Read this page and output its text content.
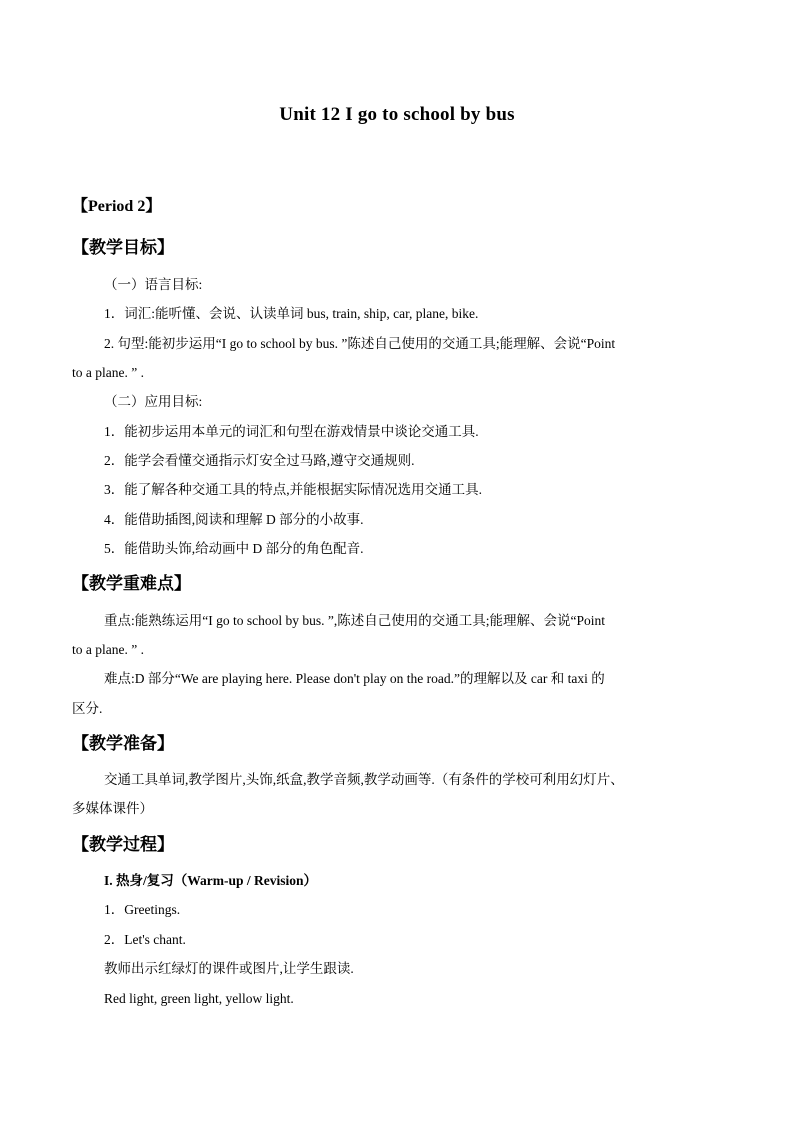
Unit 12 I go to school by bus
【Period 2】
【教学目标】
（一）语言目标:
1．词汇:能听懂、会说、认读单词 bus, train, ship, car, plane, bike.
2. 句型:能初步运用“I go to school by bus. ”陈述自己使用的交通工具;能理解、会说“Point
to a plane. ” .
（二）应用目标:
1．能初步运用本单元的词汇和句型在游戏情景中谈论交通工具.
2．能学会看懂交通指示灯安全过马路,遵守交通规则.
3．能了解各种交通工具的特点,并能根据实际情况选用交通工具.
4．能借助插图,阅读和理解 D 部分的小故事.
5．能借助头饰,给动画中 D 部分的角色配音.
【教学重难点】
重点:能熟练运用“I go to school by bus. ”,陈述自己使用的交通工具;能理解、会说“Point
to a plane. ” .
难点:D 部分“We are playing here. Please don't play on the road.”的理解以及 car 和 taxi 的
区分.
【教学准备】
交通工具单词,教学图片,头饰,纸盒,教学音频,教学动画等.（有条件的学校可利用幻灯片、
多媒体课件）
【教学过程】
I. 热身/复习（Warm-up / Revision）
1．Greetings.
2．Let's chant.
教师出示红绿灯的课件或图片,让学生跟读.
Red light, green light, yellow light.
